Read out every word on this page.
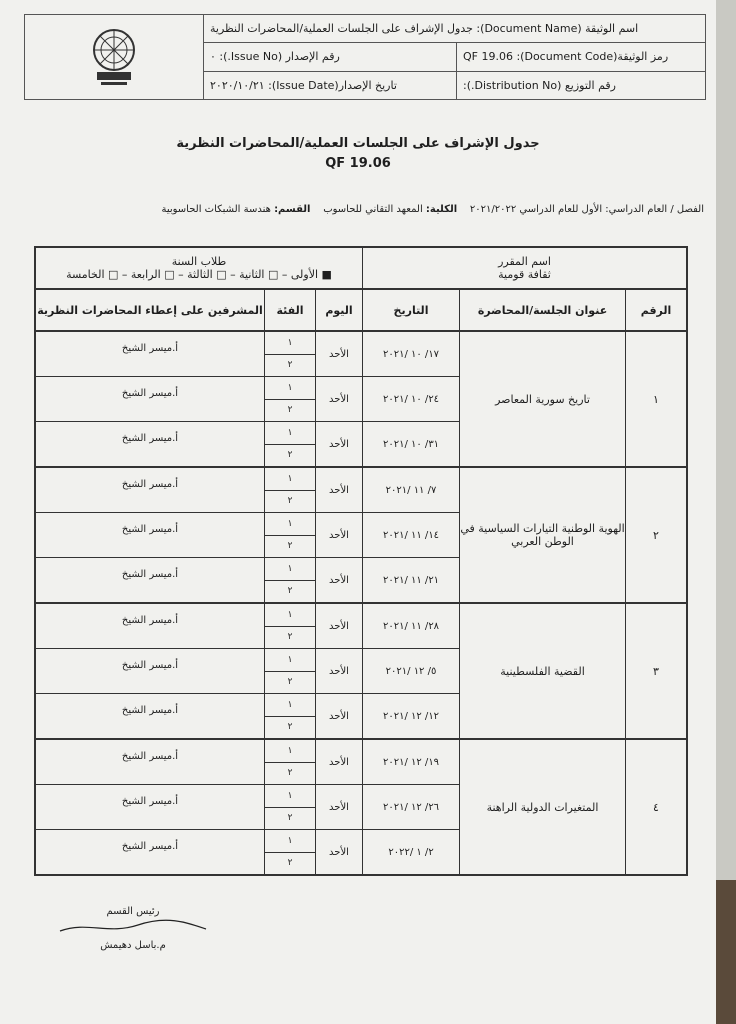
اسم الوثيقة (Document Name): جدول الإشراف على الجلسات العملية/المحاضرات النظرية
رقم الإصدار (Issue No.): ٠	رمز الوثيقة(Document Code): QF 19.06
تاريخ الإصدار(Issue Date): ٢٠٢٠/١٠/٢١	رقم التوزيع (Distribution No.):
جدول الإشراف على الجلسات العملية/المحاضرات النظرية
QF 19.06
الفصل / العام الدراسي: الأول للعام الدراسي ٢٠٢١/٢٠٢٢    الكلية: المعهد التقاني للحاسوب    القسم: هندسة الشبكات الحاسوبية
اسم المقرر
ثقافة قومية
طلاب السنة
■ الأولى – □ الثانية – □ الثالثة – □ الرابعة – □ الخامسة
الرقم
عنوان الجلسة/المحاضرة
التاريخ
اليوم
الفئة
المشرفين على إعطاء المحاضرات النظرية
١
تاريخ سورية المعاصر
١٧/ ١٠ /٢٠٢١
الأحد
١
٢
أ.ميسر الشيخ
٢٤/ ١٠ /٢٠٢١
الأحد
١
٢
أ.ميسر الشيخ
٣١/ ١٠ /٢٠٢١
الأحد
١
٢
أ.ميسر الشيخ
٢
الهوية الوطنية التيارات السياسية في الوطن العربي
٧/ ١١ /٢٠٢١
الأحد
١
٢
أ.ميسر الشيخ
١٤/ ١١ /٢٠٢١
الأحد
١
٢
أ.ميسر الشيخ
٢١/ ١١ /٢٠٢١
الأحد
١
٢
أ.ميسر الشيخ
٣
القضية الفلسطينية
٢٨/ ١١ /٢٠٢١
الأحد
١
٢
أ.ميسر الشيخ
٥/ ١٢ /٢٠٢١
الأحد
١
٢
أ.ميسر الشيخ
١٢/ ١٢ /٢٠٢١
الأحد
١
٢
أ.ميسر الشيخ
٤
المتغيرات الدولية الراهنة
١٩/ ١٢ /٢٠٢١
الأحد
١
٢
أ.ميسر الشيخ
٢٦/ ١٢ /٢٠٢١
الأحد
١
٢
أ.ميسر الشيخ
٢/ ١ /٢٠٢٢
الأحد
١
٢
أ.ميسر الشيخ
رئيس القسم
م.باسل دهيمش
